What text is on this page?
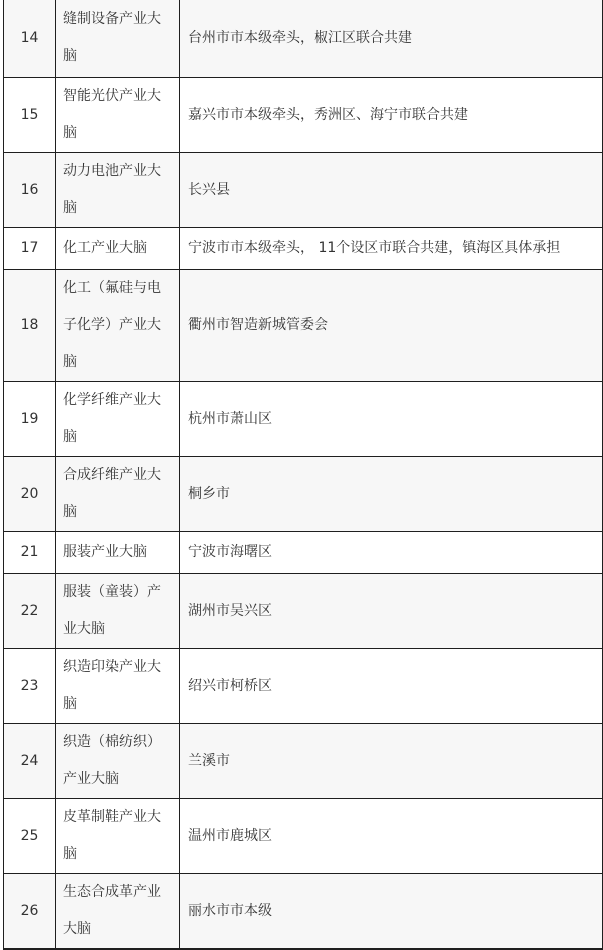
14	缝制设备产业大脑	台州市市本级牵头，椒江区联合共建
15	智能光伏产业大脑	嘉兴市市本级牵头，秀洲区、海宁市联合共建
16	动力电池产业大脑	长兴县
17	化工产业大脑	宁波市市本级牵头， 11个设区市联合共建，镇海区具体承担
18	化工（氟硅与电子化学）产业大脑	衢州市智造新城管委会
19	化学纤维产业大脑	杭州市萧山区
20	合成纤维产业大脑	桐乡市
21	服装产业大脑	宁波市海曙区
22	服装（童装）产业大脑	湖州市吴兴区
23	织造印染产业大脑	绍兴市柯桥区
24	织造（棉纺织）产业大脑	兰溪市
25	皮革制鞋产业大脑	温州市鹿城区
26	生态合成革产业大脑	丽水市市本级
